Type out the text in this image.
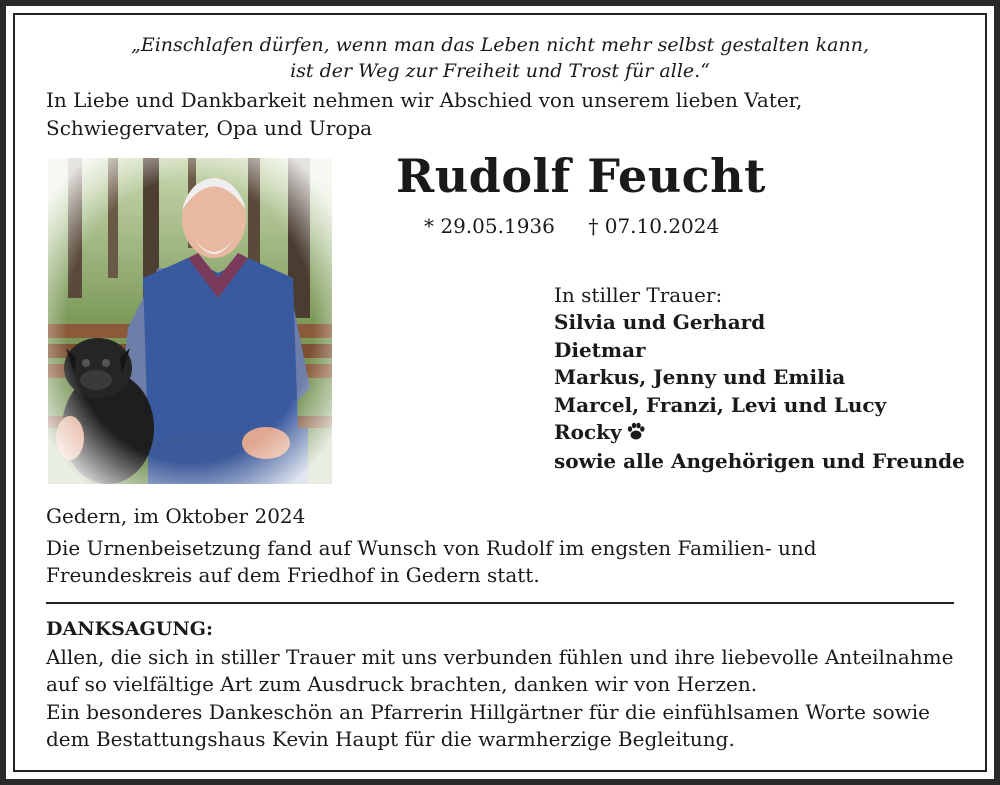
„Einschlafen dürfen, wenn man das Leben nicht mehr selbst gestalten kann,
ist der Weg zur Freiheit und Trost für alle.“
In Liebe und Dankbarkeit nehmen wir Abschied von unserem lieben Vater, Schwiegervater, Opa und Uropa
Rudolf Feucht
* 29.05.1936 † 07.10.2024
In stiller Trauer:
Silvia und Gerhard
Dietmar
Markus, Jenny und Emilia
Marcel, Franzi, Levi und Lucy
Rocky
sowie alle Angehörigen und Freunde
Gedern, im Oktober 2024
Die Urnenbeisetzung fand auf Wunsch von Rudolf im engsten Familien- und Freundeskreis auf dem Friedhof in Gedern statt.
DANKSAGUNG:
Allen, die sich in stiller Trauer mit uns verbunden fühlen und ihre liebevolle Anteilnahme auf so vielfältige Art zum Ausdruck brachten, danken wir von Herzen.
Ein besonderes Dankeschön an Pfarrerin Hillgärtner für die einfühlsamen Worte sowie dem Bestattungshaus Kevin Haupt für die warmherzige Begleitung.
